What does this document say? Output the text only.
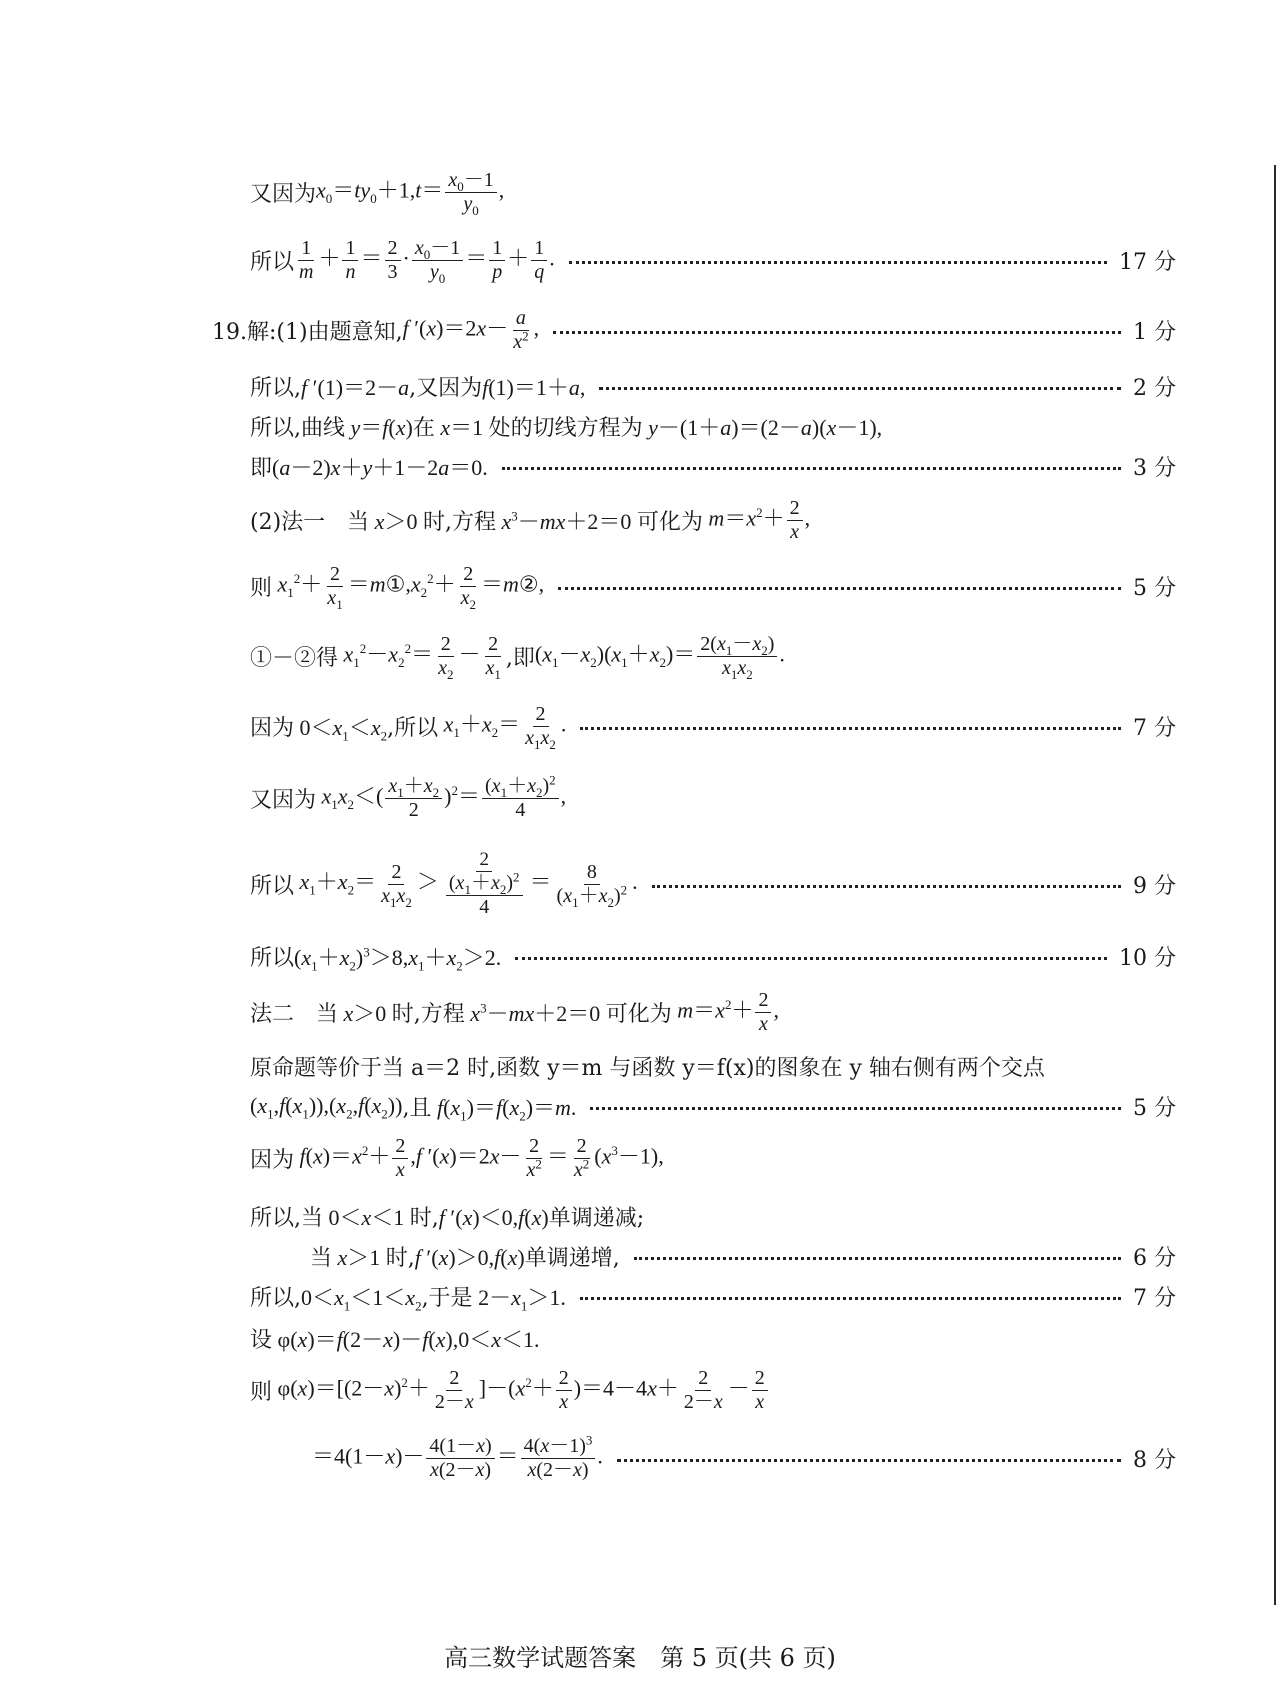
又因为 $x_0=ty_0+1,t= \frac{x_0-1}{y_0}$ ,
所以 $\frac{1}{m} + \frac{1}{n} = \frac{2}{3} \cdot \frac{x_0-1}{y_0} = \frac{1}{p} + \frac{1}{q}$ .	17 分
19.解:(1)由题意知, f $'(x)=2x- \frac{a}{x^2}$ ,	1 分
所以, f ′(1)＝2－a ,又因为 f(1)＝1＋a,	2 分
所以,曲线 y＝f(x) 在 x＝1 处的切线方程为 y－(1＋a)＝(2－a)(x－1),
即 (a－2)x＋y＋1－2a＝0.	3 分
(2)法一　当 x＞0 时,方程 $x^3-mx+2=0$ 可化为 $m=x^2+ \frac{2}{x}$ ,
则 $x_1^2+ \frac{2}{x_1}$ $=m①,x_2^2+ \frac{2}{x_2}$ ＝m②,	5 分
①－②得 $x_1^2-x_2^2= \frac{2}{x_2} - \frac{2}{x_1}$ ,即 $(x_1-x_2)(x_1+x_2)= \frac{2(x_1-x_2)}{x_1x_2}$ .
因为 $0<x_1<x_2$ ,所以 $x_1+x_2= \frac{2}{x_1x_2}$ .	7 分
又因为 $x_1x_2<( \frac{x_1+x_2}{2} )^2= \frac{(x_1+x_2)^2}{4}$ ,
所以 $x_1+x_2= \frac{2}{x_1x_2} > \frac{2}{\frac{(x_1+x_2)^2}{4}} = \frac{8}{(x_1+x_2)^2}$ .	9 分
所以 $(x_1+x_2)^3>8,x_1+x_2>2$.	10 分
法二　当 x＞0 时,方程 $x^3-mx+2=0$ 可化为 $m=x^2+ \frac{2}{x}$ ,
原命题等价于当 a＝2 时,函数 y＝m 与函数 y＝f(x)的图象在 y 轴右侧有两个交点
$(x_1,f(x_1)),(x_2,f(x_2))$ ,且 $f(x_1)=f(x_2)=m$.	5 分
因为 $f(x)=x^2+ \frac{2}{x} ,f$ $'(x)=2x- \frac{2}{x^2} = \frac{2}{x^2} (x^3-1)$,
所以,当 0＜x＜1 时, f ′(x)＜0,f(x) 单调递减;
当 x＞1 时, f ′(x)＞0,f(x) 单调递增,	6 分
所以, $0<x_1<1<x_2$ ,于是 $2-x_1>1$.	7 分
设 φ(x)＝f(2－x)－f(x),0＜x＜1.
则 $\varphi(x)=[(2-x)^2+ \frac{2}{2-x} ]-(x^2+ \frac{2}{x} )=4-4x+ \frac{2}{2-x} - \frac{2}{x}$
$=4(1-x)- \frac{4(1-x)}{x(2-x)} = \frac{4(x-1)^3}{x(2-x)}$ .	8 分
高三数学试题答案　第 5 页(共 6 页)
